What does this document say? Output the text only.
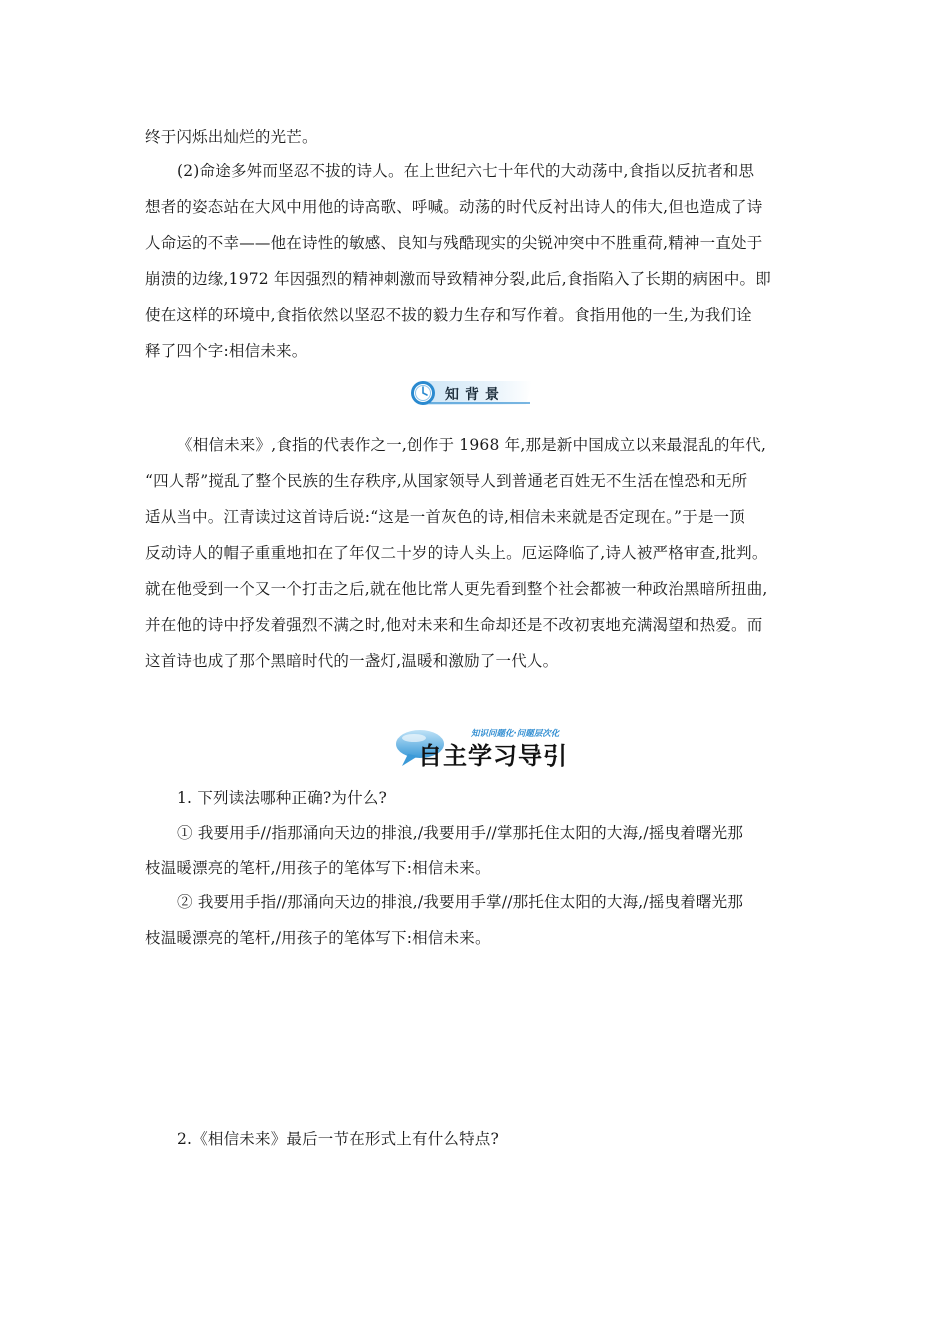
终于闪烁出灿烂的光芒。
(2)命途多舛而坚忍不拔的诗人。在上世纪六七十年代的大动荡中,食指以反抗者和思
想者的姿态站在大风中用他的诗高歌、呼喊。动荡的时代反衬出诗人的伟大,但也造成了诗
人命运的不幸——他在诗性的敏感、良知与残酷现实的尖锐冲突中不胜重荷,精神一直处于
崩溃的边缘,1972 年因强烈的精神刺激而导致精神分裂,此后,食指陷入了长期的病困中。即
使在这样的环境中,食指依然以坚忍不拔的毅力生存和写作着。食指用他的一生,为我们诠
释了四个字:相信未来。
知背景
《相信未来》,食指的代表作之一,创作于 1968 年,那是新中国成立以来最混乱的年代,
“四人帮”搅乱了整个民族的生存秩序,从国家领导人到普通老百姓无不生活在惶恐和无所
适从当中。江青读过这首诗后说:“这是一首灰色的诗,相信未来就是否定现在。”于是一顶
反动诗人的帽子重重地扣在了年仅二十岁的诗人头上。厄运降临了,诗人被严格审查,批判。
就在他受到一个又一个打击之后,就在他比常人更先看到整个社会都被一种政治黑暗所扭曲,
并在他的诗中抒发着强烈不满之时,他对未来和生命却还是不改初衷地充满渴望和热爱。而
这首诗也成了那个黑暗时代的一盏灯,温暖和激励了一代人。
知识问题化·问题层次化
自主学习导引
1. 下列读法哪种正确?为什么?
① 我要用手//指那涌向天边的排浪,/我要用手//掌那托住太阳的大海,/摇曳着曙光那
枝温暖漂亮的笔杆,/用孩子的笔体写下:相信未来。
② 我要用手指//那涌向天边的排浪,/我要用手掌//那托住太阳的大海,/摇曳着曙光那
枝温暖漂亮的笔杆,/用孩子的笔体写下:相信未来。
2.《相信未来》最后一节在形式上有什么特点?
